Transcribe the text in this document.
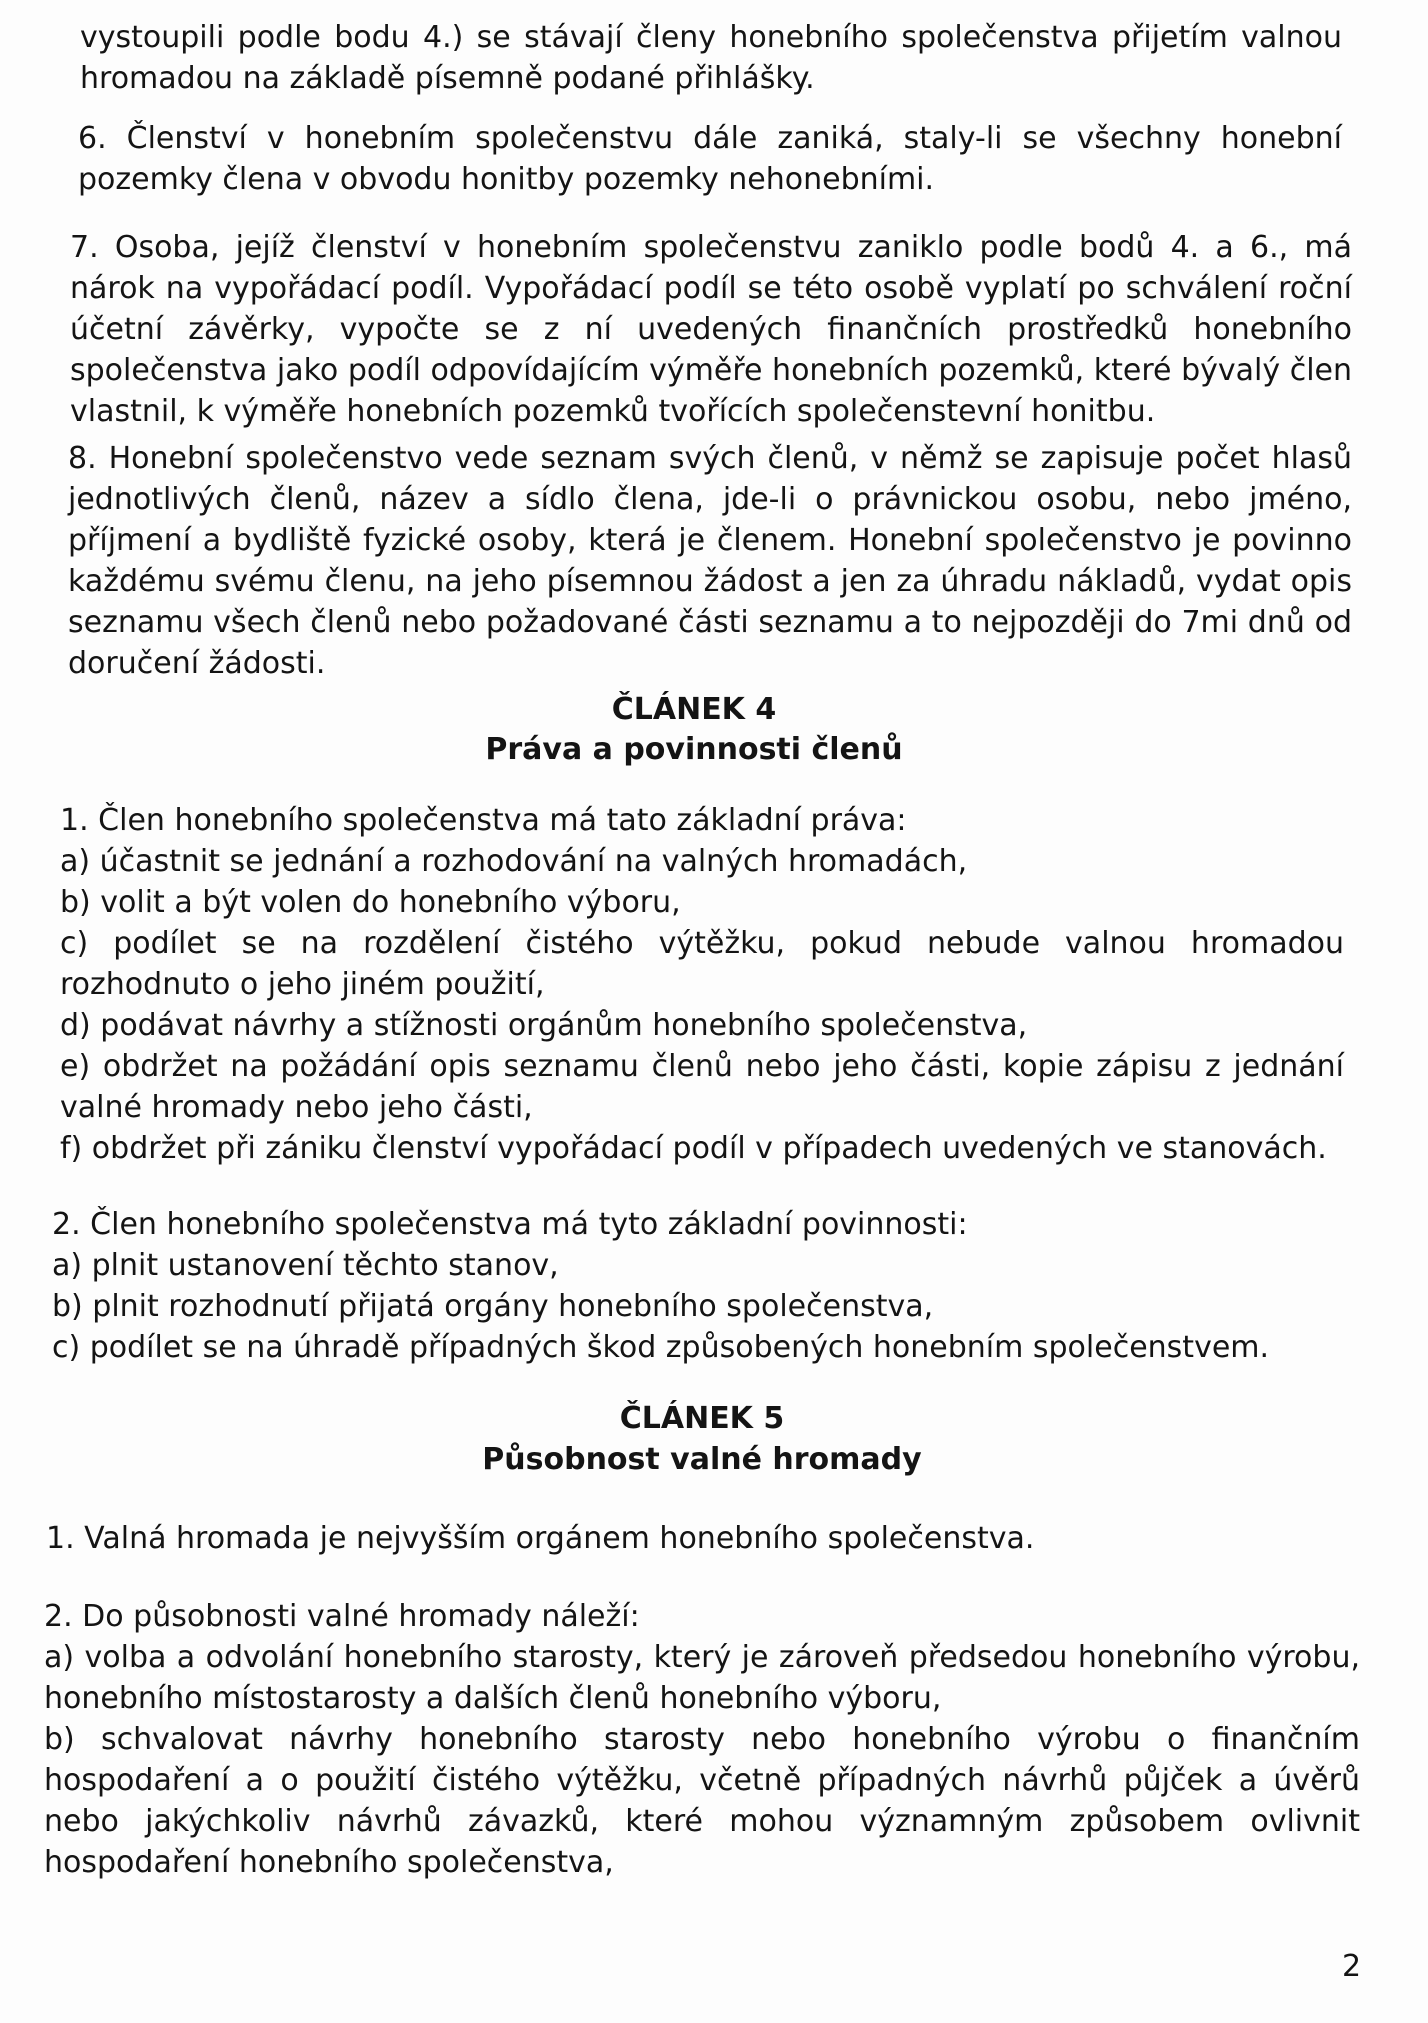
vystoupili podle bodu 4.) se stávají členy honebního společenstva přijetím valnou hromadou na základě písemně podané přihlášky.

6. Členství v honebním společenstvu dále zaniká, staly-li se všechny honební pozemky člena v obvodu honitby pozemky nehonebními.

7. Osoba, jejíž členství v honebním společenstvu zaniklo podle bodů 4. a 6., má nárok na vypořádací podíl. Vypořádací podíl se této osobě vyplatí po schválení roční účetní závěrky, vypočte se z ní uvedených finančních prostředků honebního společenstva jako podíl odpovídajícím výměře honebních pozemků, které bývalý člen vlastnil, k výměře honebních pozemků tvořících společenstevní honitbu.

8. Honební společenstvo vede seznam svých členů, v němž se zapisuje počet hlasů jednotlivých členů, název a sídlo člena, jde-li o právnickou osobu, nebo jméno, příjmení a bydliště fyzické osoby, která je členem. Honební společenstvo je povinno každému svému členu, na jeho písemnou žádost a jen za úhradu nákladů, vydat opis seznamu všech členů nebo požadované části seznamu a to nejpozději do 7mi dnů od doručení žádosti.

ČLÁNEK 4
Práva a povinnosti členů
1. Člen honebního společenstva má tato základní práva:
a) účastnit se jednání a rozhodování na valných hromadách,
b) volit a být volen do honebního výboru,
c) podílet se na rozdělení čistého výtěžku, pokud nebude valnou hromadou rozhodnuto o jeho jiném použití,
d) podávat návrhy a stížnosti orgánům honebního společenstva,
e) obdržet na požádání opis seznamu členů nebo jeho části, kopie zápisu z jednání valné hromady nebo jeho části,
f) obdržet při zániku členství vypořádací podíl v případech uvedených ve stanovách.
2. Člen honebního společenstva má tyto základní povinnosti:
a) plnit ustanovení těchto stanov,
b) plnit rozhodnutí přijatá orgány honebního společenstva,
c) podílet se na úhradě případných škod způsobených honebním společenstvem.
ČLÁNEK 5
Působnost valné hromady

1. Valná hromada je nejvyšším orgánem honebního společenstva.

2. Do působnosti valné hromady náleží:
a) volba a odvolání honebního starosty, který je zároveň předsedou honebního výrobu, honebního místostarosty a dalších členů honebního výboru,
b) schvalovat návrhy honebního starosty nebo honebního výrobu o finančním hospodaření a o použití čistého výtěžku, včetně případných návrhů půjček a úvěrů nebo jakýchkoliv návrhů závazků, které mohou významným způsobem ovlivnit hospodaření honebního společenstva,
2
